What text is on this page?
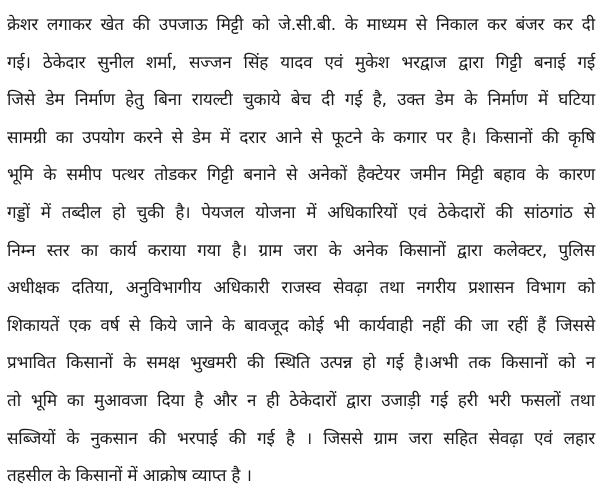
क्रेशर लगाकर खेत की उपजाऊ मिट्टी को जे.सी.बी. के माध्यम से निकाल कर बंजर कर दी
गई। ठेकेदार सुनील शर्मा, सज्जन सिंह यादव एवं मुकेश भरद्वाज द्वारा गिट्टी बनाई गई
जिसे डेम निर्माण हेतु बिना रायल्टी चुकाये बेच दी गई है, उक्त डेम के निर्माण में घटिया
सामग्री का उपयोग करने से डेम में दरार आने से फूटने के कगार पर है। किसानों की कृषि
भूमि के समीप पत्थर तोडकर गिट्टी बनाने से अनेकों हैक्टेयर जमीन मिट्टी बहाव के कारण
गड्डों में तब्दील हो चुकी है। पेयजल योजना में अधिकारियों एवं ठेकेदारों की सांठगांठ से
निम्न स्तर का कार्य कराया गया है। ग्राम जरा के अनेक किसानों द्वारा कलेक्टर, पुलिस
अधीक्षक दतिया, अनुविभागीय अधिकारी राजस्व सेवढ़ा तथा नगरीय प्रशासन विभाग को
शिकायतें एक वर्ष से किये जाने के बावजूद कोई भी कार्यवाही नहीं की जा रहीं हैं जिससे
प्रभावित किसानों के समक्ष भुखमरी की स्थिति उत्पन्न हो गई है।अभी तक किसानों को न
तो भूमि का मुआवजा दिया है और न ही ठेकेदारों द्वारा उजाड़ी गई हरी भरी फसलों तथा
सब्जियों के नुकसान की भरपाई की गई है । जिससे ग्राम जरा सहित सेवढ़ा एवं लहार
तहसील के किसानों में आक्रोष व्याप्त है ।
